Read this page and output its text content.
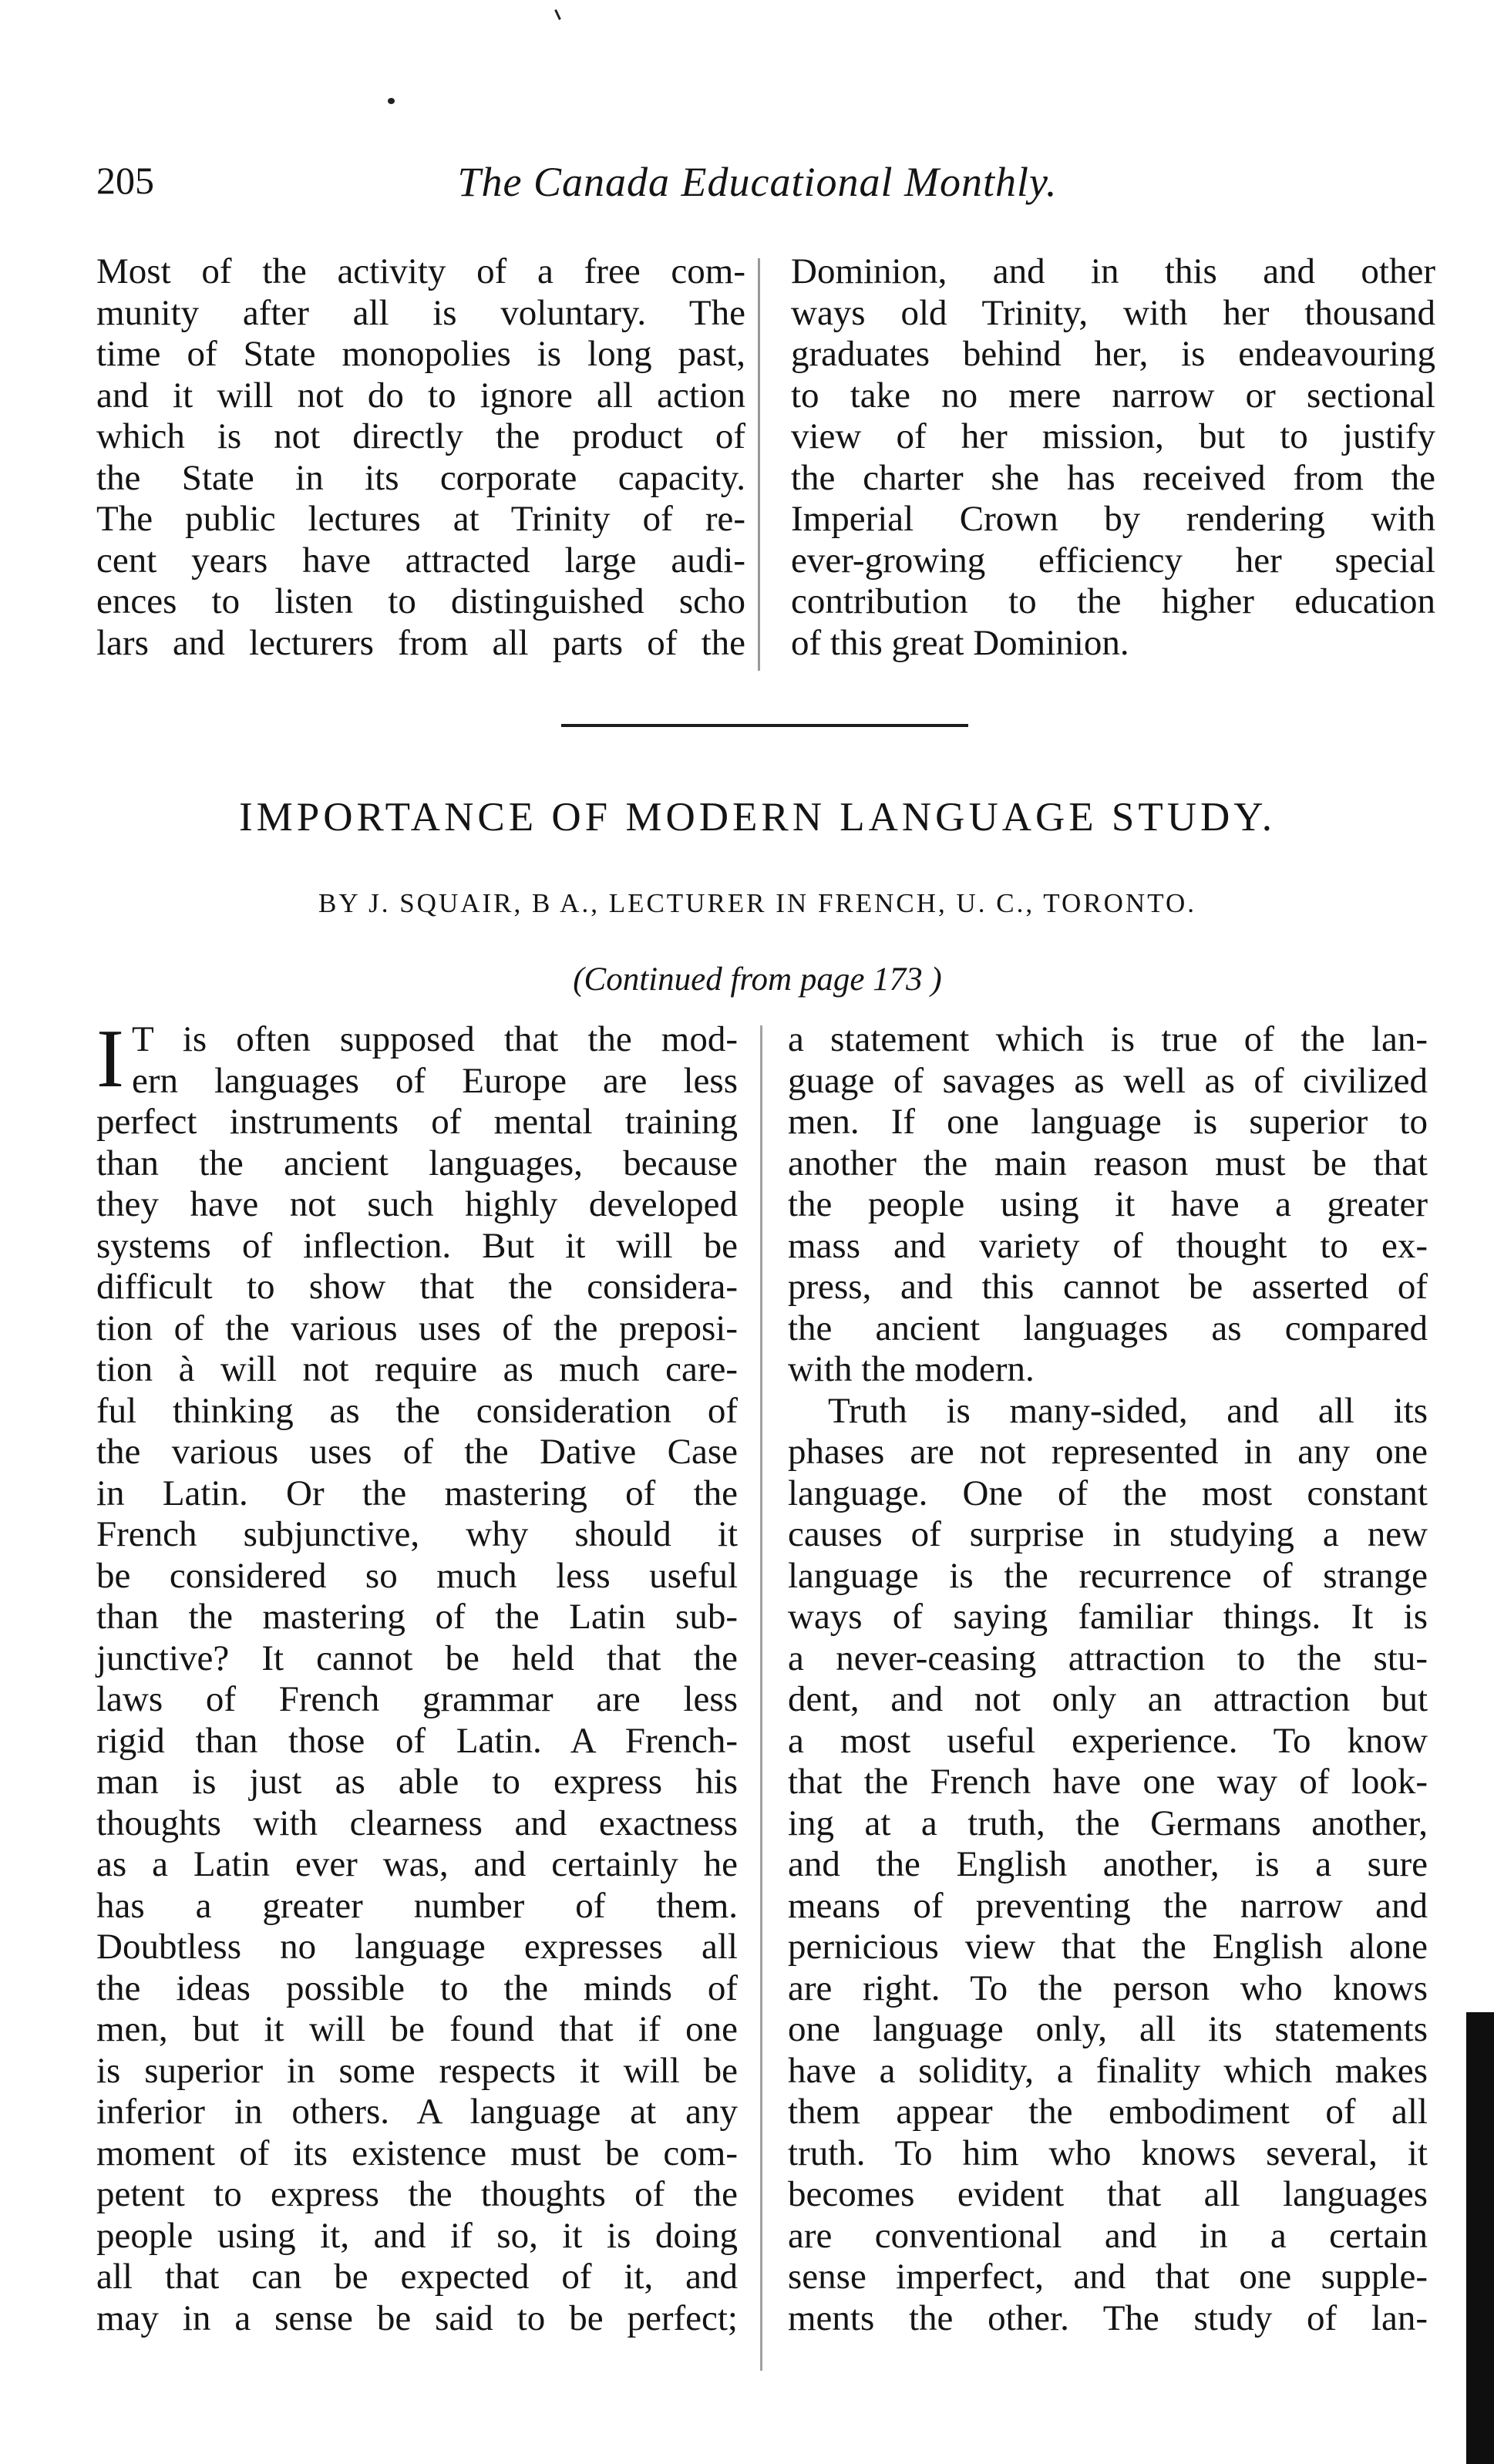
205	The Canada Educational Monthly.
Most of the activity of a free com-
munity after all is voluntary. The
time of State monopolies is long past,
and it will not do to ignore all action
which is not directly the product of
the State in its corporate capacity.
The public lectures at Trinity of re-
cent years have attracted large audi-
ences to listen to distinguished scho
lars and lecturers from all parts of the
Dominion, and in this and other
ways old Trinity, with her thousand
graduates behind her, is endeavouring
to take no mere narrow or sectional
view of her mission, but to justify
the charter she has received from the
Imperial Crown by rendering with
ever-growing efficiency her special
contribution to the higher education
of this great Dominion.
IMPORTANCE OF MODERN LANGUAGE STUDY.
BY J. SQUAIR, B A., LECTURER IN FRENCH, U. C., TORONTO.
(Continued from page 173 )
I T is often supposed that the mod-
ern languages of Europe are less
perfect instruments of mental training
than the ancient languages, because
they have not such highly developed
systems of inflection. But it will be
difficult to show that the considera-
tion of the various uses of the preposi-
tion à will not require as much care-
ful thinking as the consideration of
the various uses of the Dative Case
in Latin. Or the mastering of the
French subjunctive, why should it
be considered so much less useful
than the mastering of the Latin sub-
junctive? It cannot be held that the
laws of French grammar are less
rigid than those of Latin. A French-
man is just as able to express his
thoughts with clearness and exactness
as a Latin ever was, and certainly he
has a greater number of them.
Doubtless no language expresses all
the ideas possible to the minds of
men, but it will be found that if one
is superior in some respects it will be
inferior in others. A language at any
moment of its existence must be com-
petent to express the thoughts of the
people using it, and if so, it is doing
all that can be expected of it, and
may in a sense be said to be perfect;
a statement which is true of the lan-
guage of savages as well as of civilized
men. If one language is superior to
another the main reason must be that
the people using it have a greater
mass and variety of thought to ex-
press, and this cannot be asserted of
the ancient languages as compared
with the modern.
Truth is many-sided, and all its
phases are not represented in any one
language. One of the most constant
causes of surprise in studying a new
language is the recurrence of strange
ways of saying familiar things. It is
a never-ceasing attraction to the stu-
dent, and not only an attraction but
a most useful experience. To know
that the French have one way of look-
ing at a truth, the Germans another,
and the English another, is a sure
means of preventing the narrow and
pernicious view that the English alone
are right. To the person who knows
one language only, all its statements
have a solidity, a finality which makes
them appear the embodiment of all
truth. To him who knows several, it
becomes evident that all languages
are conventional and in a certain
sense imperfect, and that one supple-
ments the other. The study of lan-
